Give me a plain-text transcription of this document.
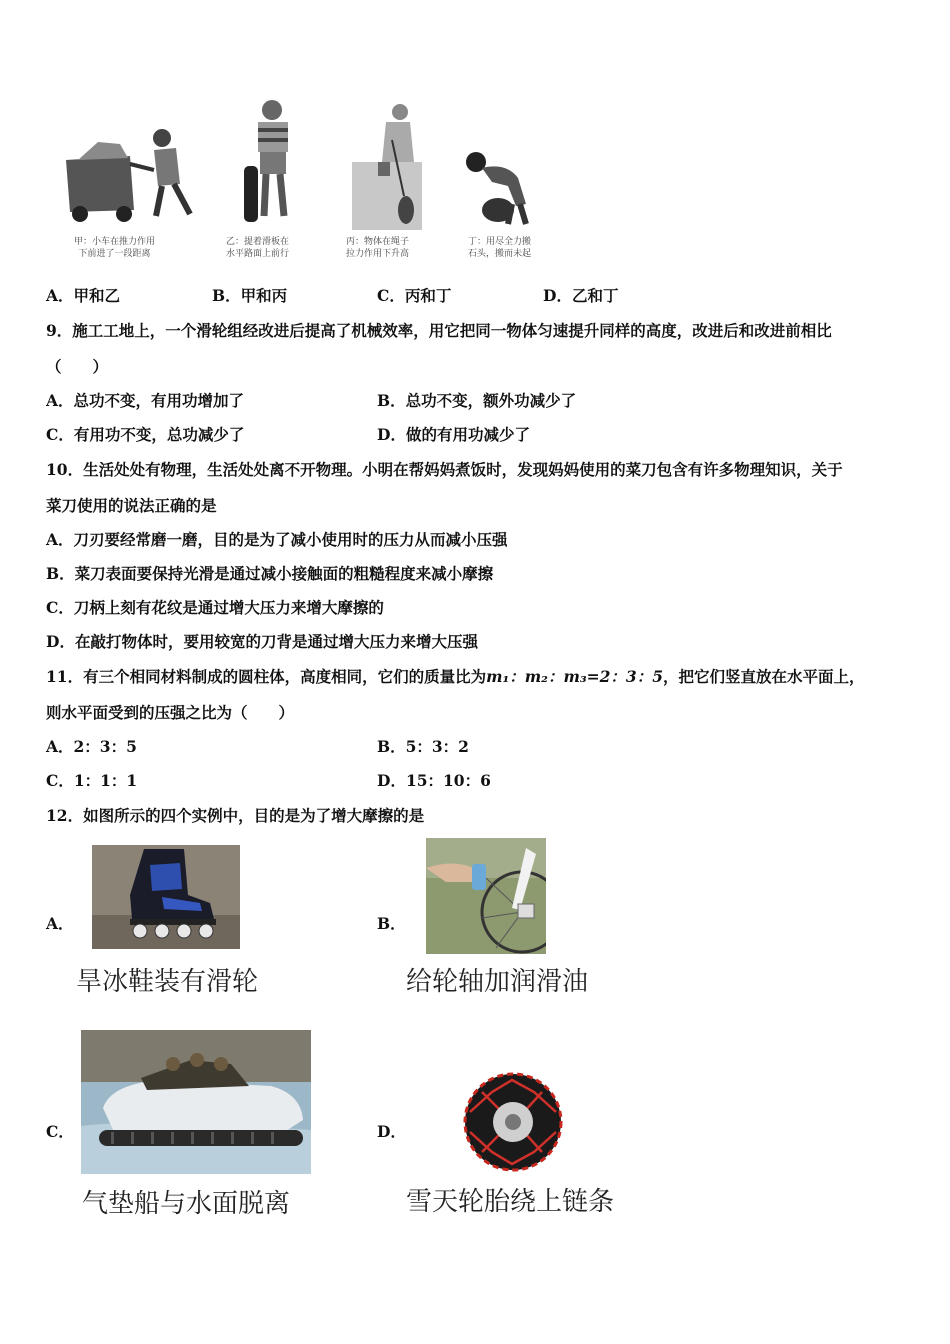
甲：小车在推力作用
下前进了一段距离
乙：提着滑板在
水平路面上前行
丙：物体在绳子
拉力作用下升高
丁：用尽全力搬
石头，搬而未起
A．甲和乙	B．甲和丙	C．丙和丁	D．乙和丁
9．施工工地上，一个滑轮组经改进后提高了机械效率，用它把同一物体匀速提升同样的高度，改进后和改进前相比
（　　）
A．总功不变，有用功增加了	B．总功不变，额外功减少了
C．有用功不变，总功减少了	D．做的有用功减少了
10．生活处处有物理，生活处处离不开物理。小明在帮妈妈煮饭时，发现妈妈使用的菜刀包含有许多物理知识，关于
菜刀使用的说法正确的是
A．刀刃要经常磨一磨，目的是为了减小使用时的压力从而减小压强
B．菜刀表面要保持光滑是通过减小接触面的粗糙程度来减小摩擦
C．刀柄上刻有花纹是通过增大压力来增大摩擦的
D．在敲打物体时，要用较宽的刀背是通过增大压力来增大压强
11．有三个相同材料制成的圆柱体，高度相同，它们的质量比为m₁：m₂：m₃=2：3：5，把它们竖直放在水平面上，
则水平面受到的压强之比为（　　）
A．2：3：5	B．5：3：2
C．1：1：1	D．15：10：6
12．如图所示的四个实例中，目的是为了增大摩擦的是
A．
旱冰鞋装有滑轮
B．
给轮轴加润滑油
C．
气垫船与水面脱离
D．
雪天轮胎绕上链条
